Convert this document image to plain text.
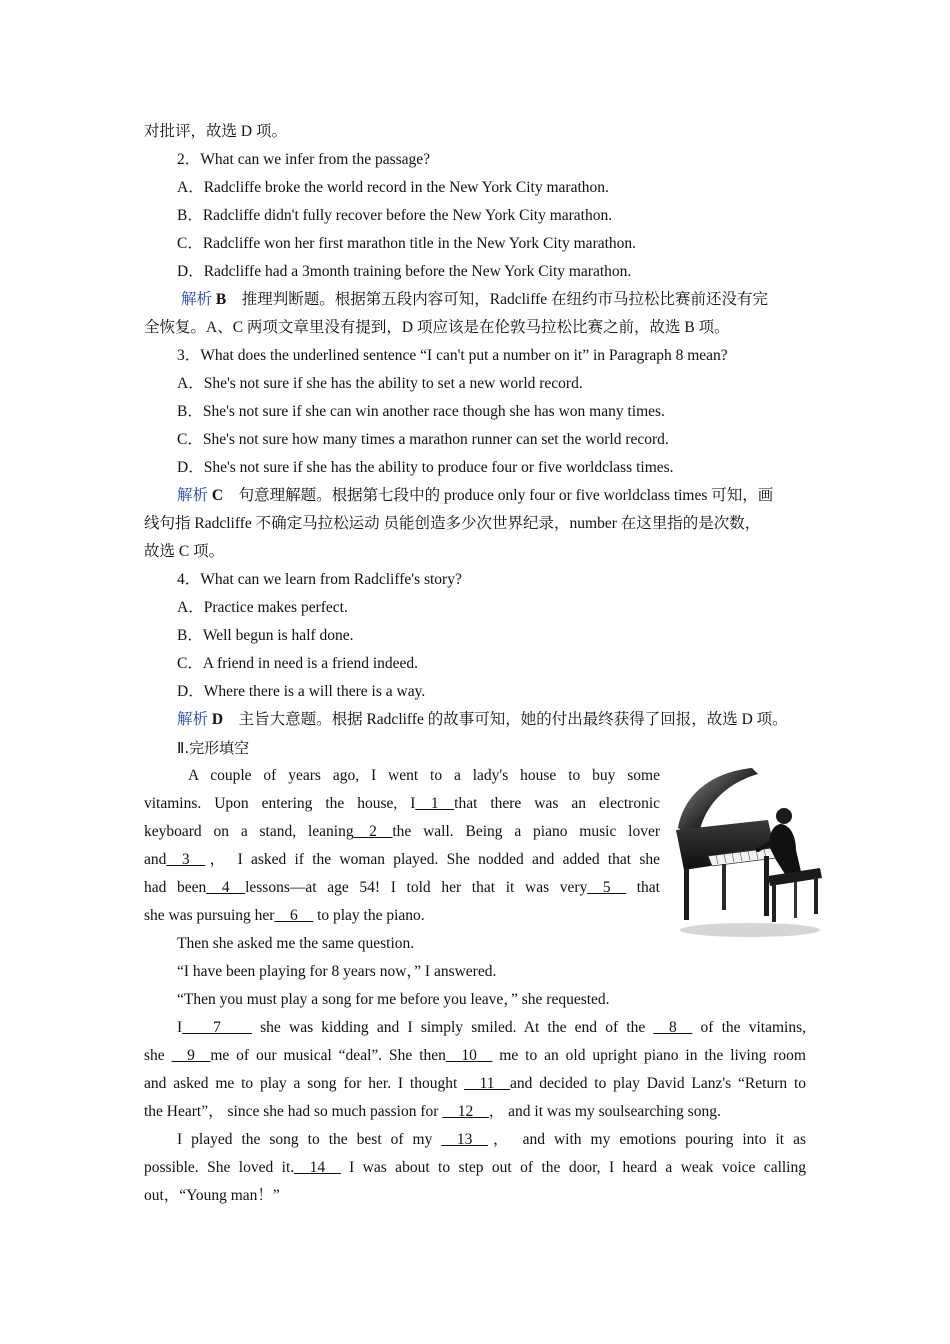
对批评，故选 D 项。
2．What can we infer from the passage?
A．Radcliffe broke the world record in the New York City marathon.
B．Radcliffe didn't fully recover before the New York City marathon.
C．Radcliffe won her first marathon title in the New York City marathon.
D．Radcliffe had a 3month training before the New York City marathon.
解析 B　推理判断题。根据第五段内容可知，Radcliffe 在纽约市马拉松比赛前还没有完
全恢复。A、C 两项文章里没有提到，D 项应该是在伦敦马拉松比赛之前，故选 B 项。
3．What does the underlined sentence “I can't put a number on it” in Paragraph 8 mean?
A．She's not sure if she has the ability to set a new world record.
B．She's not sure if she can win another race though she has won many times.
C．She's not sure how many times a marathon runner can set the world record.
D．She's not sure if she has the ability to produce four or five worldclass times.
解析 C　句意理解题。根据第七段中的 produce only four or five worldclass times 可知，画
线句指 Radcliffe 不确定马拉松运动 员能创造多少次世界纪录，number 在这里指的是次数，
故选 C 项。
4．What can we learn from Radcliffe's story?
A．Practice makes perfect.
B．Well begun is half done.
C．A friend in need is a friend indeed.
D．Where there is a will there is a way.
解析 D　主旨大意题。根据 Radcliffe 的故事可知，她的付出最终获得了回报，故选 D 项。
Ⅱ.完形填空
A couple of years ago, I went to a lady's house to buy some
vitamins. Upon entering the house, I__1__that there was an electronic
keyboard on a stand, leaning__2__the wall. Being a piano music lover
and__3__， I asked if the woman played. She nodded and added that she
had been__4__lessons—at age 54! I told her that it was very__5__ that
she was pursuing her__6__ to play the piano.
Then she asked me the same question.
“I have been playing for 8 years now，” I answered.
“Then you must play a song for me before you leave，” she requested.
I____7____ she was kidding and I simply smiled. At the end of the __8__ of the vitamins,
she __9__me of our musical “deal”. She then__10__ me to an old upright piano in the living room
and asked me to play a song for her. I thought __11__and decided to play David Lanz's “Return to
the Heart”， since she had so much passion for __12__， and it was my soulsearching song.
I played the song to the best of my __13__， and with my emotions pouring into it as
possible. She loved it.__14__ I was about to step out of the door, I heard a weak voice calling
out，“Young man！”
